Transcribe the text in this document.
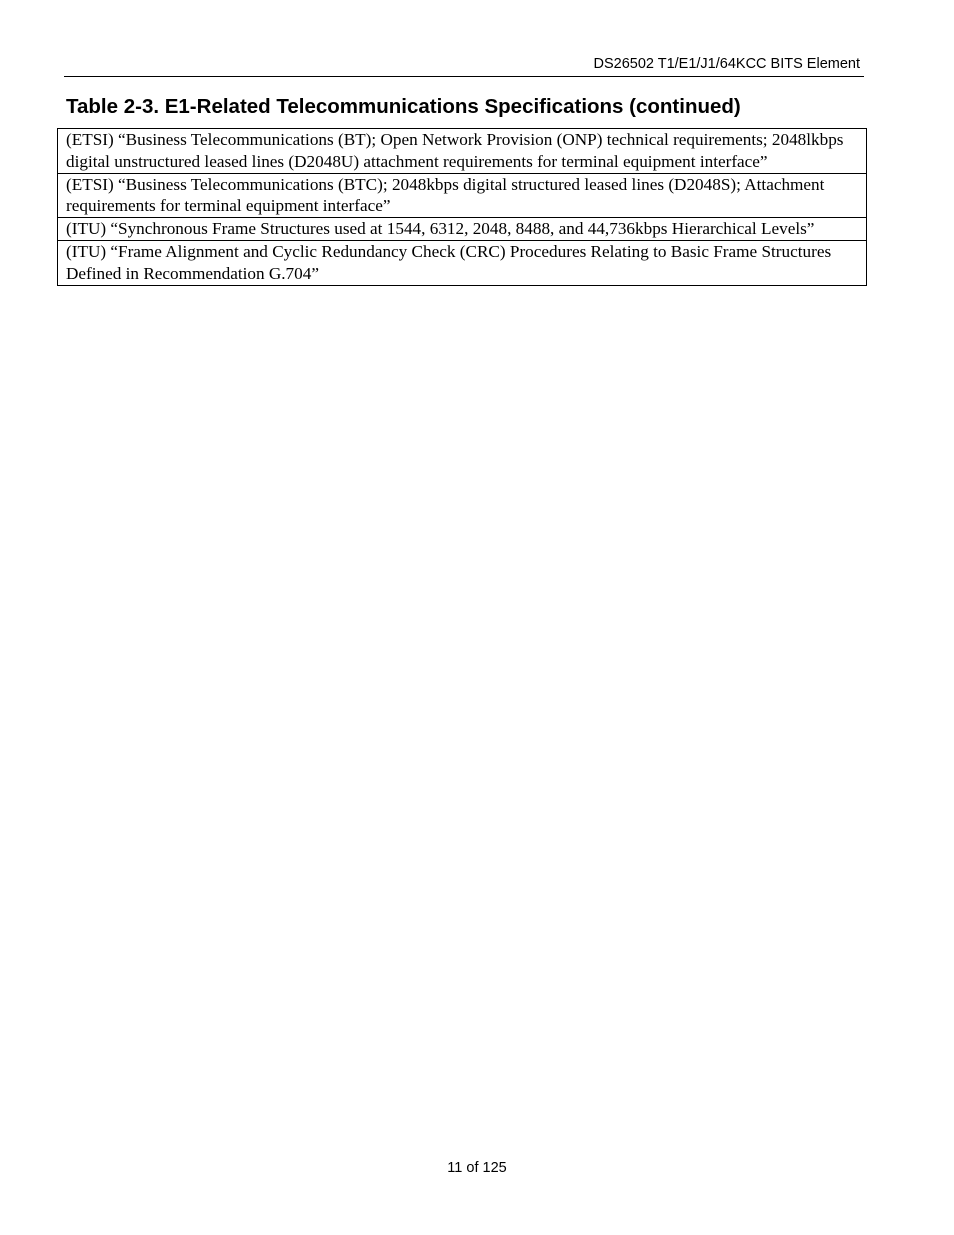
DS26502 T1/E1/J1/64KCC BITS Element
Table 2-3. E1-Related Telecommunications Specifications (continued)
(ETSI) “Business Telecommunications (BT); Open Network Provision (ONP) technical requirements; 2048lkbps digital unstructured leased lines (D2048U) attachment requirements for terminal equipment interface”
(ETSI) “Business Telecommunications (BTC); 2048kbps digital structured leased lines (D2048S); Attachment requirements for terminal equipment interface”
(ITU) “Synchronous Frame Structures used at 1544, 6312, 2048, 8488, and 44,736kbps Hierarchical Levels”
(ITU) “Frame Alignment and Cyclic Redundancy Check (CRC) Procedures Relating to Basic Frame Structures Defined in Recommendation G.704”
11 of 125
